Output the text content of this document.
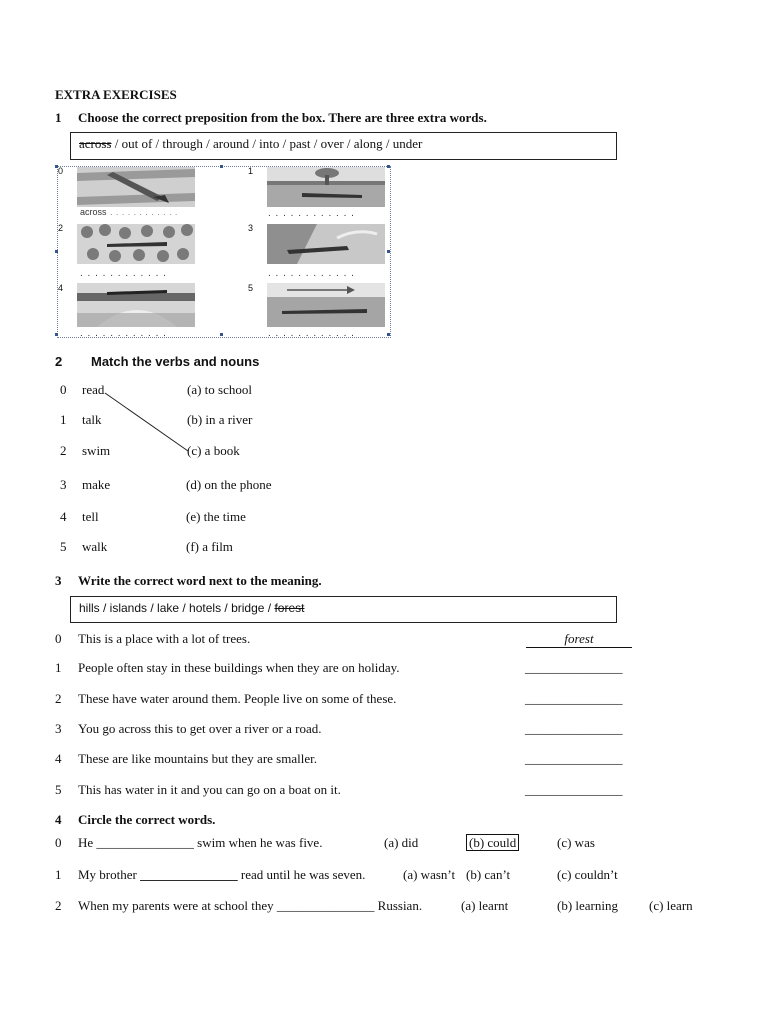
EXTRA EXERCISES
1 Choose the correct preposition from the box. There are three extra words.
across / out of / through / around / into / past / over / along / under
0	1
2	3
4	5
across . . . . . . . . . . . .	. . . . . . . . . . . .
. . . . . . . . . . . .	. . . . . . . . . . . .
. . . . . . . . . . . .	. . . . . . . . . . . .
2 Match the verbs and nouns
0 read	(a) to school
1 talk	(b) in a river
2 swim	(c) a book
3 make	(d) on the phone
4 tell	(e) the time
5 walk	(f) a film
3 Write the correct word next to the meaning.
hills / islands / lake / hotels / bridge / forest
0 This is a place with a lot of trees.	forest
1 People often stay in these buildings when they are on holiday.	_______________
2 These have water around them. People live on some of these.	_______________
3 You go across this to get over a river or a road.	_______________
4 These are like mountains but they are smaller.	_______________
5 This has water in it and you can go on a boat on it.	_______________
4 Circle the correct words.
0 He _______________ swim when he was five.	(a) did	(b) could	(c) was
1 My brother _______________ read until he was seven.	(a) wasn’t (b) can’t	(c) couldn’t
2 When my parents were at school they _______________ Russian.	(a) learnt	(b) learning (c) learn
